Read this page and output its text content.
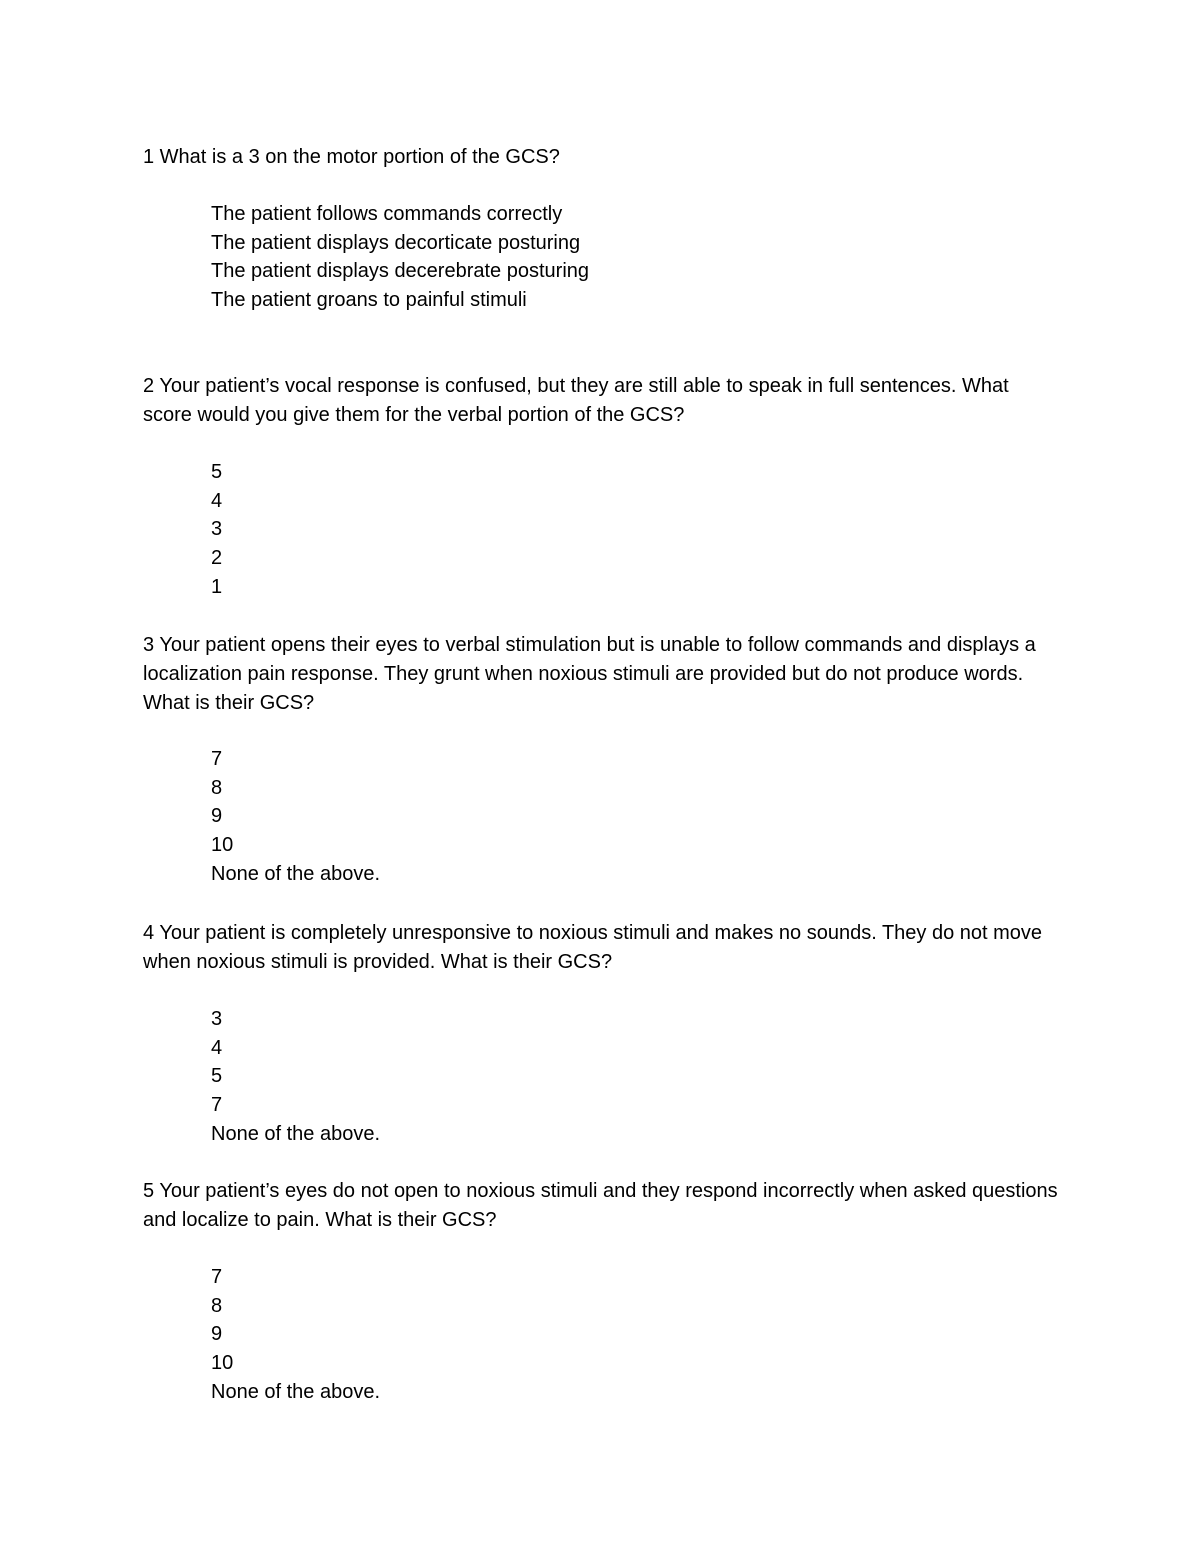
1 What is a 3 on the motor portion of the GCS?

The patient follows commands correctly
The patient displays decorticate posturing
The patient displays decerebrate posturing
The patient groans to painful stimuli

2 Your patient’s vocal response is confused, but they are still able to speak in full sentences. What score would you give them for the verbal portion of the GCS?

5
4
3
2
1

3 Your patient opens their eyes to verbal stimulation but is unable to follow commands and displays a localization pain response. They grunt when noxious stimuli are provided but do not produce words. What is their GCS?

7
8
9
10
None of the above.

4 Your patient is completely unresponsive to noxious stimuli and makes no sounds. They do not move when noxious stimuli is provided. What is their GCS?

3
4
5
7
None of the above.

5 Your patient’s eyes do not open to noxious stimuli and they respond incorrectly when asked questions and localize to pain. What is their GCS?

7
8
9
10
None of the above.
